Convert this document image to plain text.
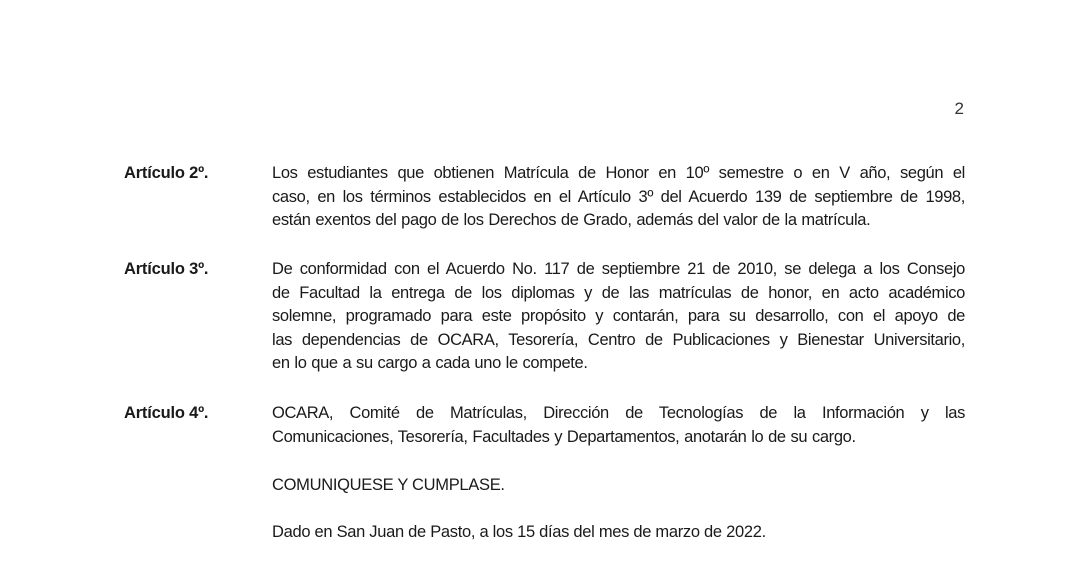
2
Artículo 2º.	Los estudiantes que obtienen Matrícula de Honor en 10º semestre o en V año, según el
caso, en los términos establecidos en el Artículo 3º del Acuerdo 139 de septiembre de 1998,
están exentos del pago de los Derechos de Grado, además del valor de la matrícula.
Artículo 3º.	De conformidad con el Acuerdo No. 117 de septiembre 21 de 2010, se delega a los Consejo
de Facultad la entrega de los diplomas y de las matrículas de honor, en acto académico
solemne, programado para este propósito y contarán, para su desarrollo, con el apoyo de
las dependencias de OCARA, Tesorería, Centro de Publicaciones y Bienestar Universitario,
en lo que a su cargo a cada uno le compete.
Artículo 4º.	OCARA, Comité de Matrículas, Dirección de Tecnologías de la Información y las
Comunicaciones, Tesorería, Facultades y Departamentos, anotarán lo de su cargo.
COMUNIQUESE Y CUMPLASE.
Dado en San Juan de Pasto, a los 15 días del mes de marzo de 2022.
